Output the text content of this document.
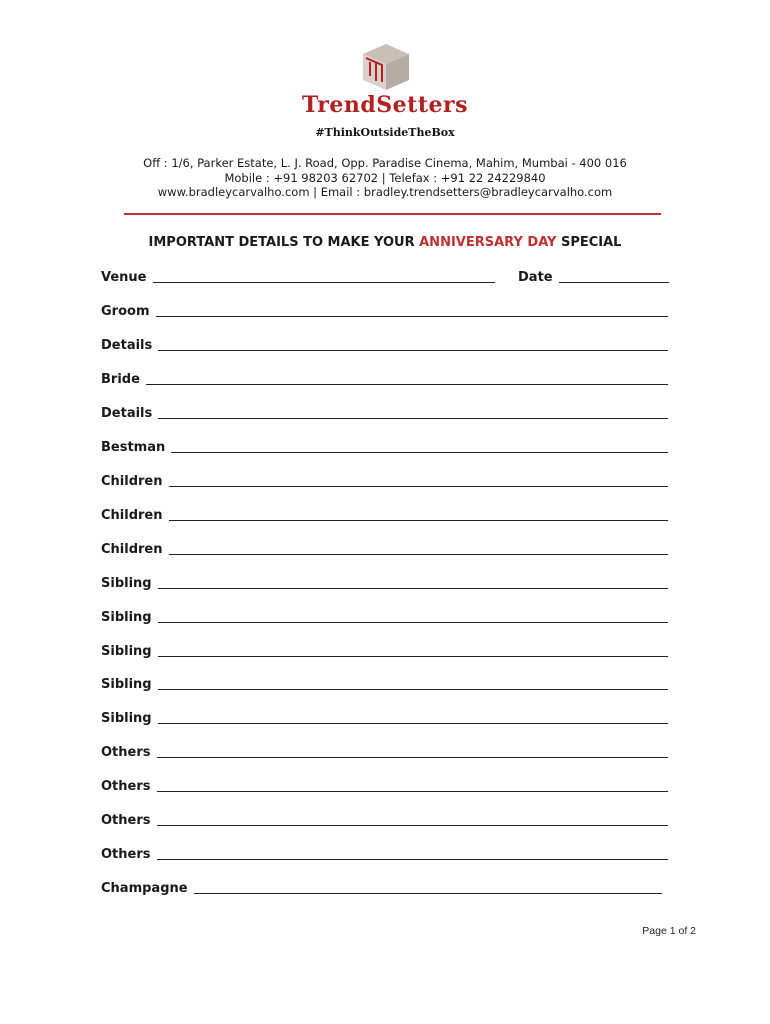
TrendSetters
#ThinkOutsideTheBox
Off : 1/6, Parker Estate, L. J. Road, Opp. Paradise Cinema, Mahim, Mumbai - 400 016
Mobile : +91 98203 62702 | Telefax : +91 22 24229840
www.bradleycarvalho.com | Email : bradley.trendsetters@bradleycarvalho.com
IMPORTANT DETAILS TO MAKE YOUR ANNIVERSARY DAY SPECIAL
Venue	Date
Groom
Details
Bride
Details
Bestman
Children
Children
Children
Sibling
Sibling
Sibling
Sibling
Sibling
Others
Others
Others
Others
Champagne
Page 1 of 2
